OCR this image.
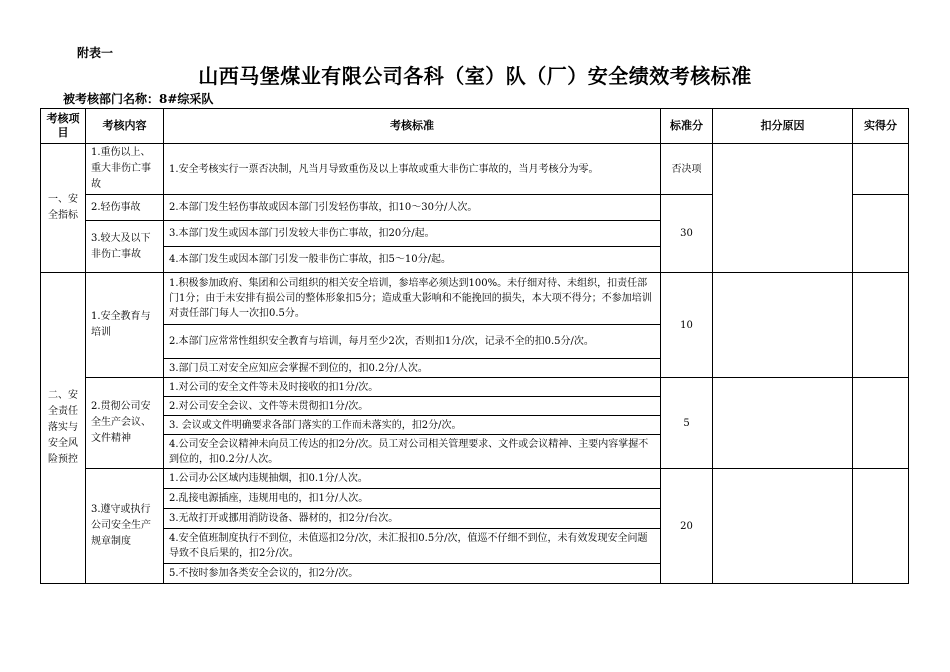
附表一
山西马堡煤业有限公司各科（室）队（厂）安全绩效考核标准
被考核部门名称：8#综采队
考核项目	考核内容	考核标准	标准分	扣分原因	实得分
一、安全指标	1.重伤以上、重大非伤亡事故	1.安全考核实行一票否决制，凡当月导致重伤及以上事故或重大非伤亡事故的，当月考核分为零。	否决项		
	2.轻伤事故	2.本部门发生轻伤事故或因本部门引发轻伤事故，扣10～30分/人次。	30		
	3.较大及以下非伤亡事故	3.本部门发生或因本部门引发较大非伤亡事故，扣20分/起。			
		4.本部门发生或因本部门引发一般非伤亡事故，扣5～10分/起。			
二、安全责任落实与安全风险预控	1.安全教育与培训	1.积极参加政府、集团和公司组织的相关安全培训，参培率必须达到100%。未仔细对待、未组织，扣责任部门1分；由于未安排有损公司的整体形象扣5分；造成重大影响和不能挽回的损失，本大项不得分；不参加培训对责任部门每人一次扣0.5分。	10		
		2.本部门应常常性组织安全教育与培训，每月至少2次，否则扣1分/次，记录不全的扣0.5分/次。			
		3.部门员工对安全应知应会掌握不到位的，扣0.2分/人次。			
	2.贯彻公司安全生产会议、文件精神	1.对公司的安全文件等未及时接收的扣1分/次。	5		
		2.对公司安全会议、文件等未贯彻扣1分/次。			
		3. 会议或文件明确要求各部门落实的工作而未落实的，扣2分/次。			
		4.公司安全会议精神未向员工传达的扣2分/次。员工对公司相关管理要求、文件或会议精神、主要内容掌握不到位的，扣0.2分/人次。			
	3.遵守或执行公司安全生产规章制度	1.公司办公区域内违规抽烟，扣0.1分/人次。	20		
		2.乱接电源插座，违规用电的，扣1分/人次。			
		3.无故打开或挪用消防设备、器材的，扣2分/台次。			
		4.安全值班制度执行不到位，未值巡扣2分/次，未汇报扣0.5分/次，值巡不仔细不到位，未有效发现安全问题导致不良后果的，扣2分/次。			
		5.不按时参加各类安全会议的，扣2分/次。			
